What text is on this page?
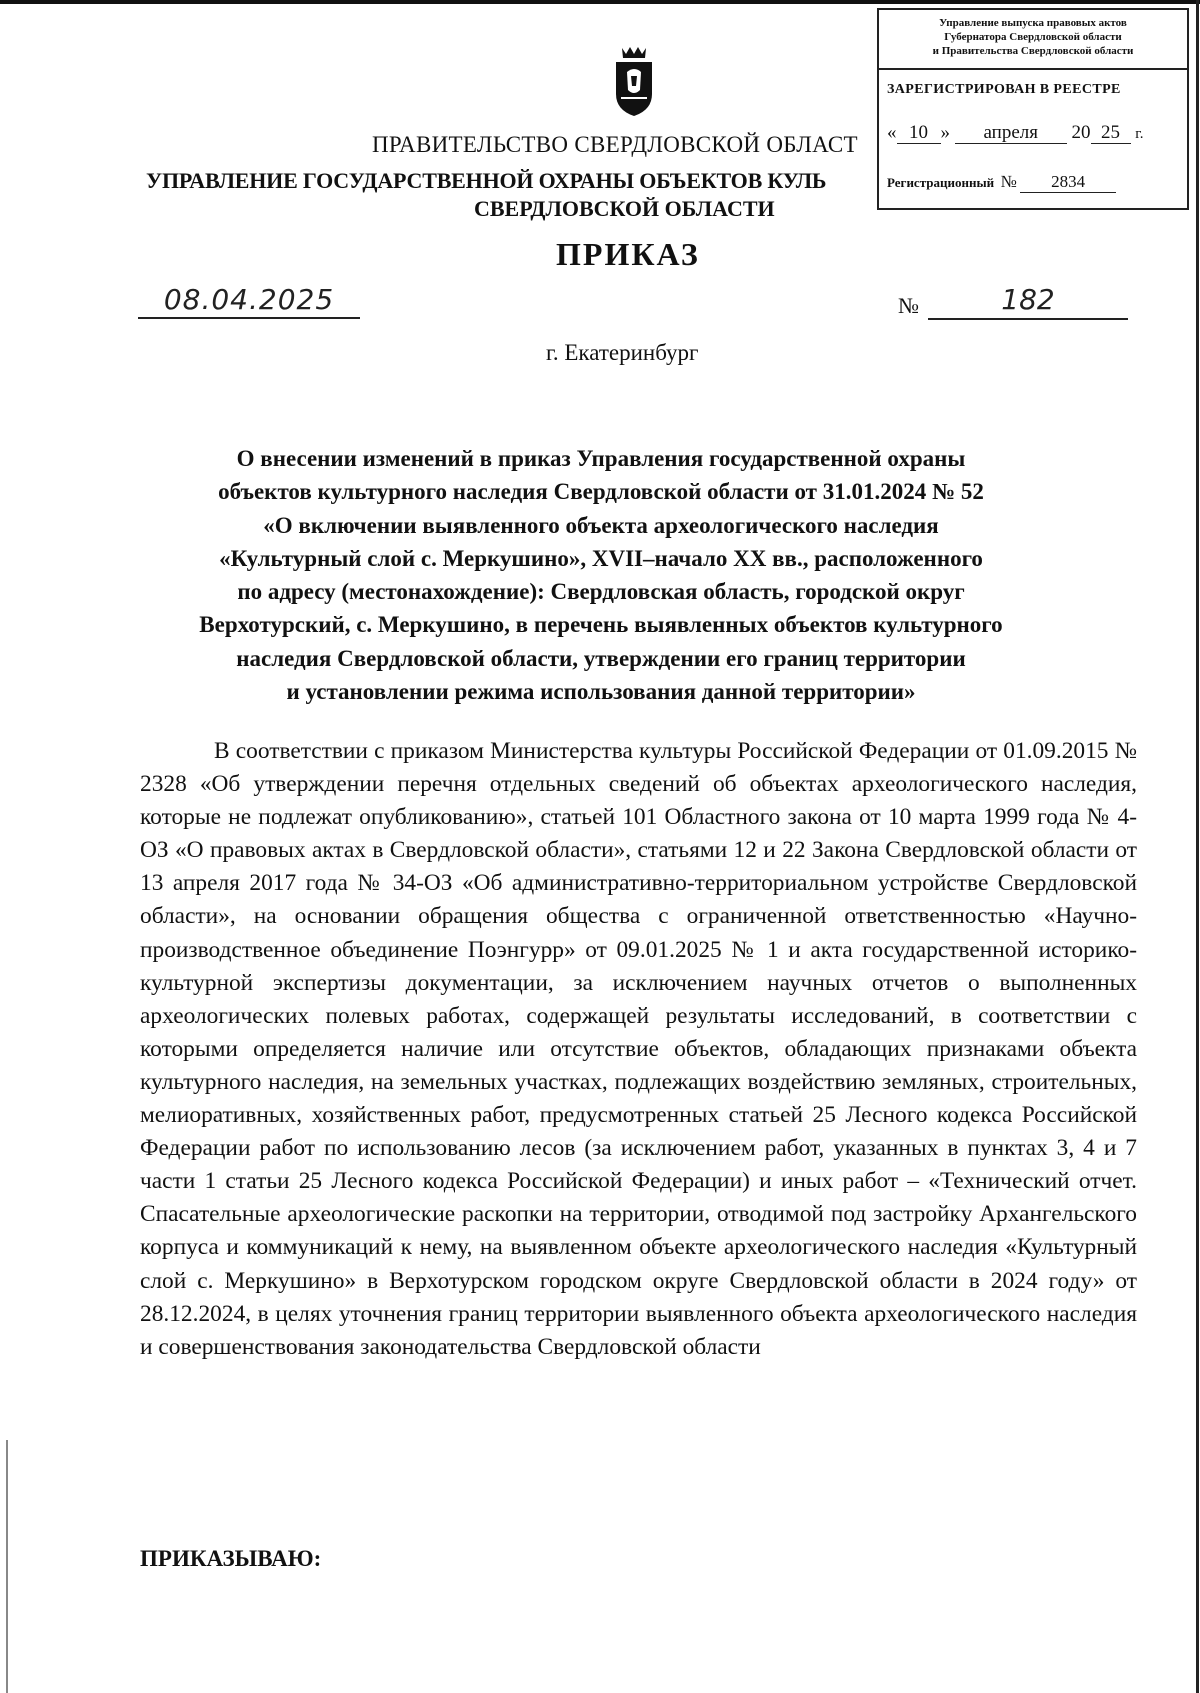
ПРАВИТЕЛЬСТВО СВЕРДЛОВСКОЙ ОБЛАСТ
УПРАВЛЕНИЕ ГОСУДАРСТВЕННОЙ ОХРАНЫ ОБЪЕКТОВ КУЛЬ
СВЕРДЛОВСКОЙ ОБЛАСТИ
Управление выпуска правовых актов
Губернатора Свердловской области
и Правительства Свердловской области
ЗАРЕГИСТРИРОВАН В РЕЕСТРЕ
« 10 » апреля 20 25 г.
Регистрационный № 2834
ПРИКАЗ
08.04.2025	№	182
г. Екатеринбург
О внесении изменений в приказ Управления государственной охраны
объектов культурного наследия Свердловской области от 31.01.2024 № 52
«О включении выявленного объекта археологического наследия
«Культурный слой с. Меркушино», XVII–начало XX вв., расположенного
по адресу (местонахождение): Свердловская область, городской округ
Верхотурский, с. Меркушино, в перечень выявленных объектов культурного
наследия Свердловской области, утверждении его границ территории
и установлении режима использования данной территории»

В соответствии с приказом Министерства культуры Российской Федерации от 01.09.2015 № 2328 «Об утверждении перечня отдельных сведений об объектах археологического наследия, которые не подлежат опубликованию», статьей 101 Областного закона от 10 марта 1999 года № 4-ОЗ «О правовых актах в Свердловской области», статьями 12 и 22 Закона Свердловской области от 13 апреля 2017 года № 34-ОЗ «Об административно-территориальном устройстве Свердловской области», на основании обращения общества с ограниченной ответственностью «Научно-производственное объединение Поэнгурр» от 09.01.2025 № 1 и акта государственной историко-культурной экспертизы документации, за исключением научных отчетов о выполненных археологических полевых работах, содержащей результаты исследований, в соответствии с которыми определяется наличие или отсутствие объектов, обладающих признаками объекта культурного наследия, на земельных участках, подлежащих воздействию земляных, строительных, мелиоративных, хозяйственных работ, предусмотренных статьей 25 Лесного кодекса Российской Федерации работ по использованию лесов (за исключением работ, указанных в пунктах 3, 4 и 7 части 1 статьи 25 Лесного кодекса Российской Федерации) и иных работ – «Технический отчет. Спасательные археологические раскопки на территории, отводимой под застройку Архангельского корпуса и коммуникаций к нему, на выявленном объекте археологического наследия «Культурный слой с. Меркушино» в Верхотурском городском округе Свердловской области в 2024 году» от 28.12.2024, в целях уточнения границ территории выявленного объекта археологического наследия и совершенствования законодательства Свердловской области

ПРИКАЗЫВАЮ:
